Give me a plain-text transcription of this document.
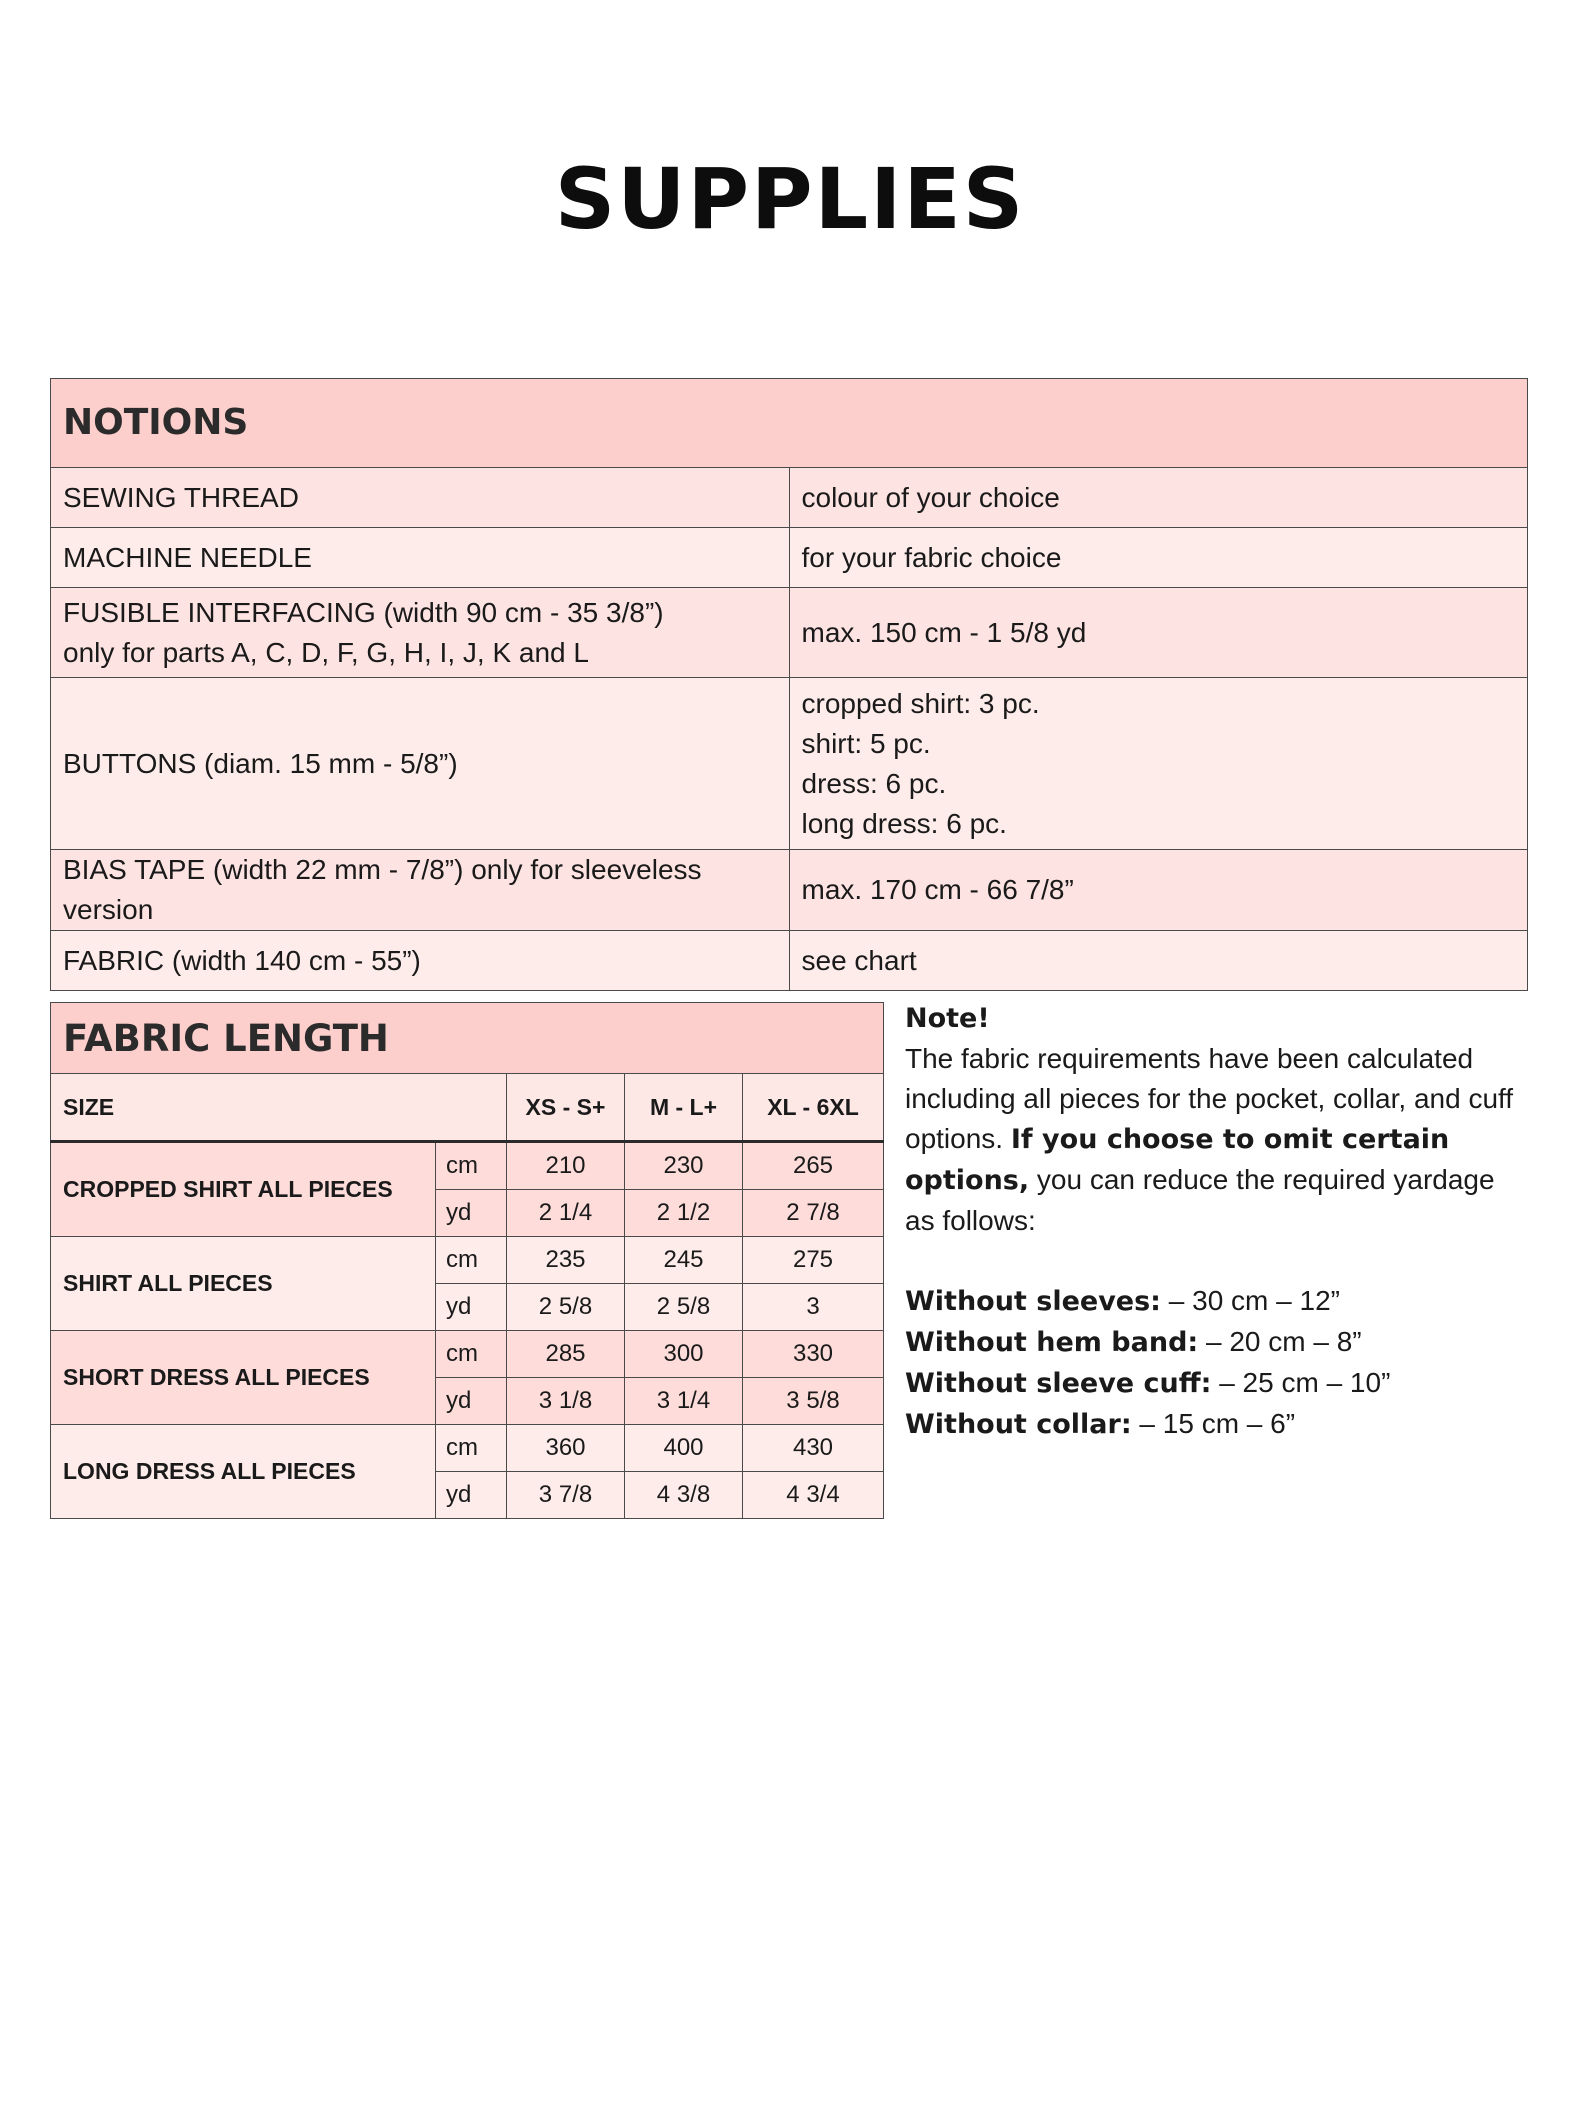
SUPPLIES
NOTIONS	
SEWING THREAD	colour of your choice
MACHINE NEEDLE	for your fabric choice
FUSIBLE INTERFACING (width 90 cm - 35 3/8”)
only for parts A, C, D, F, G, H, I, J, K and L	max. 150 cm - 1 5/8 yd
BUTTONS (diam. 15 mm - 5/8”)	cropped shirt: 3 pc.
shirt: 5 pc.
dress: 6 pc.
long dress: 6 pc.
BIAS TAPE (width 22 mm - 7/8”) only for sleeveless version	max. 170 cm - 66 7/8”
FABRIC (width 140 cm - 55”)	see chart
FABRIC LENGTH				
SIZE		XS - S+	M - L+	XL - 6XL
CROPPED SHIRT ALL PIECES	cm	210	230	265
	yd	2 1/4	2 1/2	2 7/8
SHIRT ALL PIECES	cm	235	245	275
	yd	2 5/8	2 5/8	3
SHORT DRESS ALL PIECES	cm	285	300	330
	yd	3 1/8	3 1/4	3 5/8
LONG DRESS ALL PIECES	cm	360	400	430
	yd	3 7/8	4 3/8	4 3/4

Note!

The fabric requirements have been calculated including all pieces for the pocket, collar, and cuff options. If you choose to omit certain options, you can reduce the required yardage as follows:

Without sleeves: – 30 cm – 12”

Without hem band: – 20 cm – 8”

Without sleeve cuff: – 25 cm – 10”

Without collar: – 15 cm – 6”
